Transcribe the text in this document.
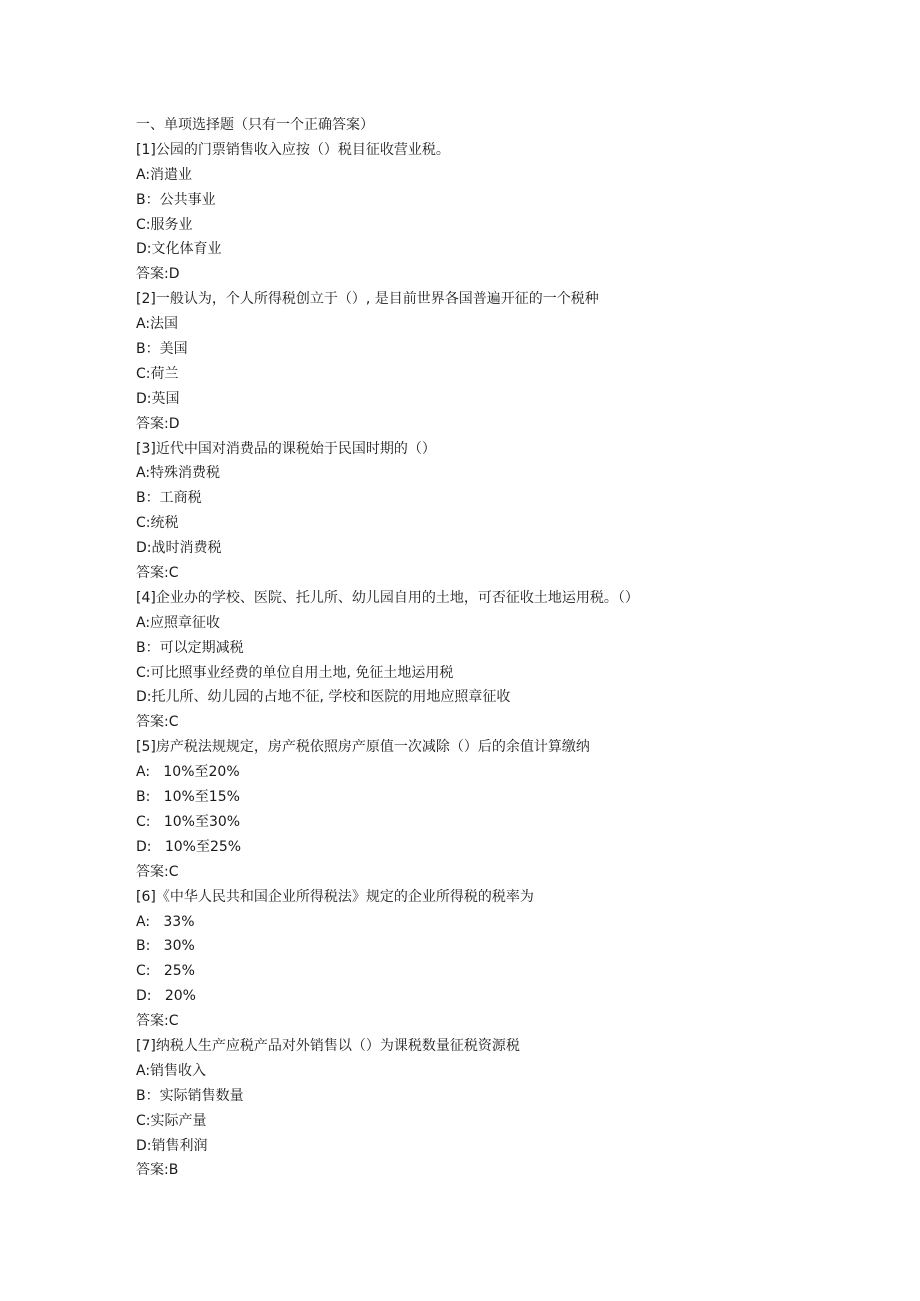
一、单项选择题（只有一个正确答案）
[1]公园的门票销售收入应按（）税目征收营业税。
A:消遣业
B：公共事业
C:服务业
D:文化体育业
答案:D
[2]一般认为，个人所得税创立于（）, 是目前世界各国普遍开征的一个税种
A:法国
B：美国
C:荷兰
D:英国
答案:D
[3]近代中国对消费品的课税始于民国时期的（）
A:特殊消费税
B：工商税
C:统税
D:战时消费税
答案:C
[4]企业办的学校、医院、托儿所、幼儿园自用的土地，可否征收土地运用税。（）
A:应照章征收
B：可以定期减税
C:可比照事业经费的单位自用土地, 免征土地运用税
D:托儿所、幼儿园的占地不征, 学校和医院的用地应照章征收
答案:C
[5]房产税法规规定，房产税依照房产原值一次减除（）后的余值计算缴纳
A:   10%至20%
B:   10%至15%
C:   10%至30%
D:   10%至25%
答案:C
[6]《中华人民共和国企业所得税法》规定的企业所得税的税率为
A:   33%
B:   30%
C:   25%
D:   20%
答案:C
[7]纳税人生产应税产品对外销售以（）为课税数量征税资源税
A:销售收入
B：实际销售数量
C:实际产量
D:销售利润
答案:B
